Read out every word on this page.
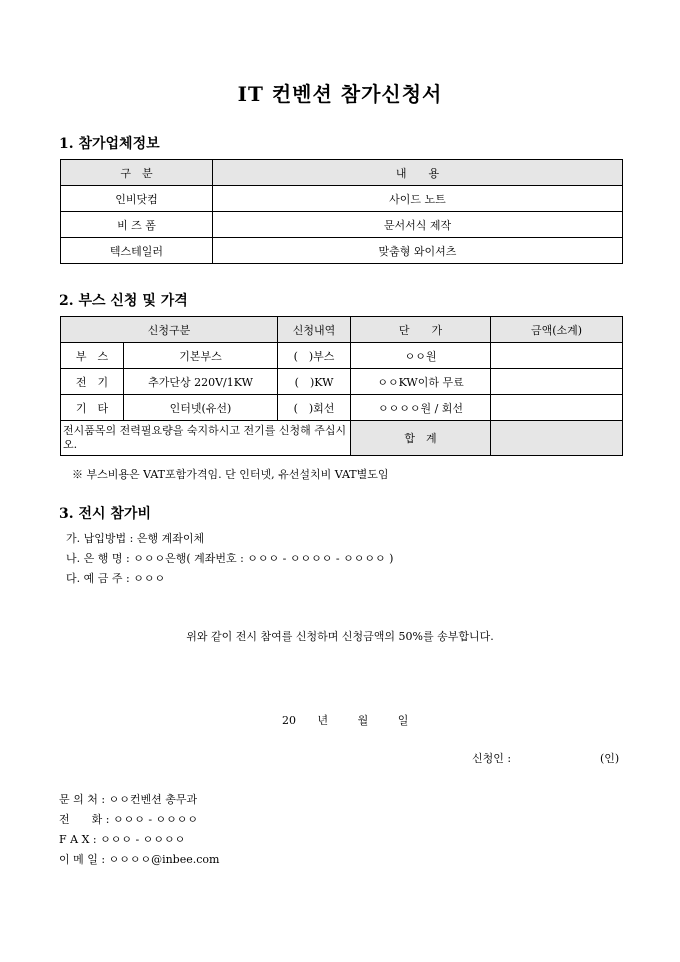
IT 컨벤션 참가신청서
1. 참가업체정보
구　분	내　　용
인비닷컴	사이드 노트
비 즈 폼	문서서식 제작
텍스테일러	맞춤형 와이셔츠
2. 부스 신청 및 가격
신청구분		신청내역	단　　가	금액(소계)
부　스	기본부스	(　)부스	ㅇㅇ원	
전　기	추가단상 220V/1KW	(　)KW	ㅇㅇKW이하 무료	
기　타	인터넷(유선)	(　)회선	ㅇㅇㅇㅇ원 / 회선	
전시품목의 전력필요량을 숙지하시고 전기를 신청해 주십시오.			합　계	
※ 부스비용은 VAT포함가격임. 단 인터넷, 유선설치비 VAT별도임
3. 전시 참가비
가. 납입방법 : 은행 계좌이체
나. 은 행 명 : ㅇㅇㅇ은행( 계좌번호 : ㅇㅇㅇ - ㅇㅇㅇㅇ - ㅇㅇㅇㅇ )
다. 예 금 주 : ㅇㅇㅇ
위와 같이 전시 참여를 신청하며 신청금액의 50%를 송부합니다.
20 년	월	일
신청인 :	(인)
문 의 처 : ㅇㅇ컨벤션 총무과
전　　화 : ㅇㅇㅇ - ㅇㅇㅇㅇ
F A X : ㅇㅇㅇ - ㅇㅇㅇㅇ
이 메 일 : ㅇㅇㅇㅇ@inbee.com
